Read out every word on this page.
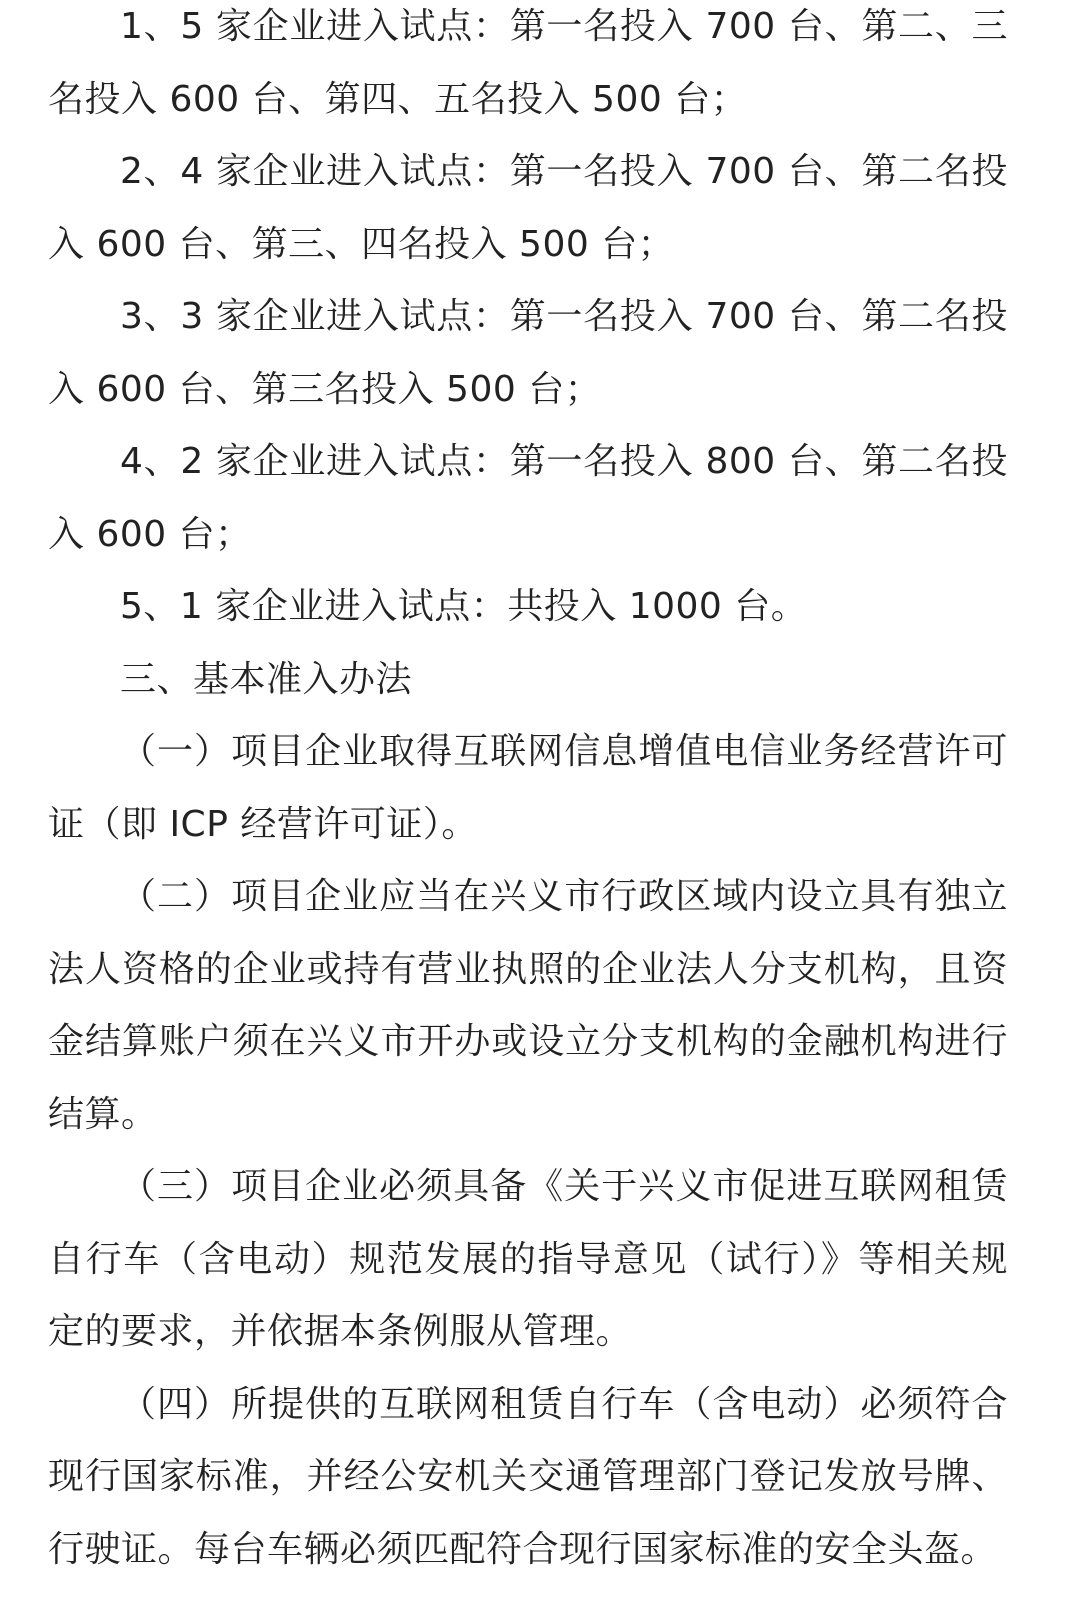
1、5 家企业进入试点：第一名投入 700 台、第二、三名投入 600 台、第四、五名投入 500 台；

2、4 家企业进入试点：第一名投入 700 台、第二名投入 600 台、第三、四名投入 500 台；

3、3 家企业进入试点：第一名投入 700 台、第二名投入 600 台、第三名投入 500 台；

4、2 家企业进入试点：第一名投入 800 台、第二名投入 600 台；

5、1 家企业进入试点：共投入 1000 台。

三、基本准入办法

（一）项目企业取得互联网信息增值电信业务经营许可证（即 ICP 经营许可证）。

（二）项目企业应当在兴义市行政区域内设立具有独立法人资格的企业或持有营业执照的企业法人分支机构，且资金结算账户须在兴义市开办或设立分支机构的金融机构进行结算。

（三）项目企业必须具备《关于兴义市促进互联网租赁自行车（含电动）规范发展的指导意见（试行）》等相关规定的要求，并依据本条例服从管理。

（四）所提供的互联网租赁自行车（含电动）必须符合现行国家标准，并经公安机关交通管理部门登记发放号牌、行驶证。每台车辆必须匹配符合现行国家标准的安全头盔。
